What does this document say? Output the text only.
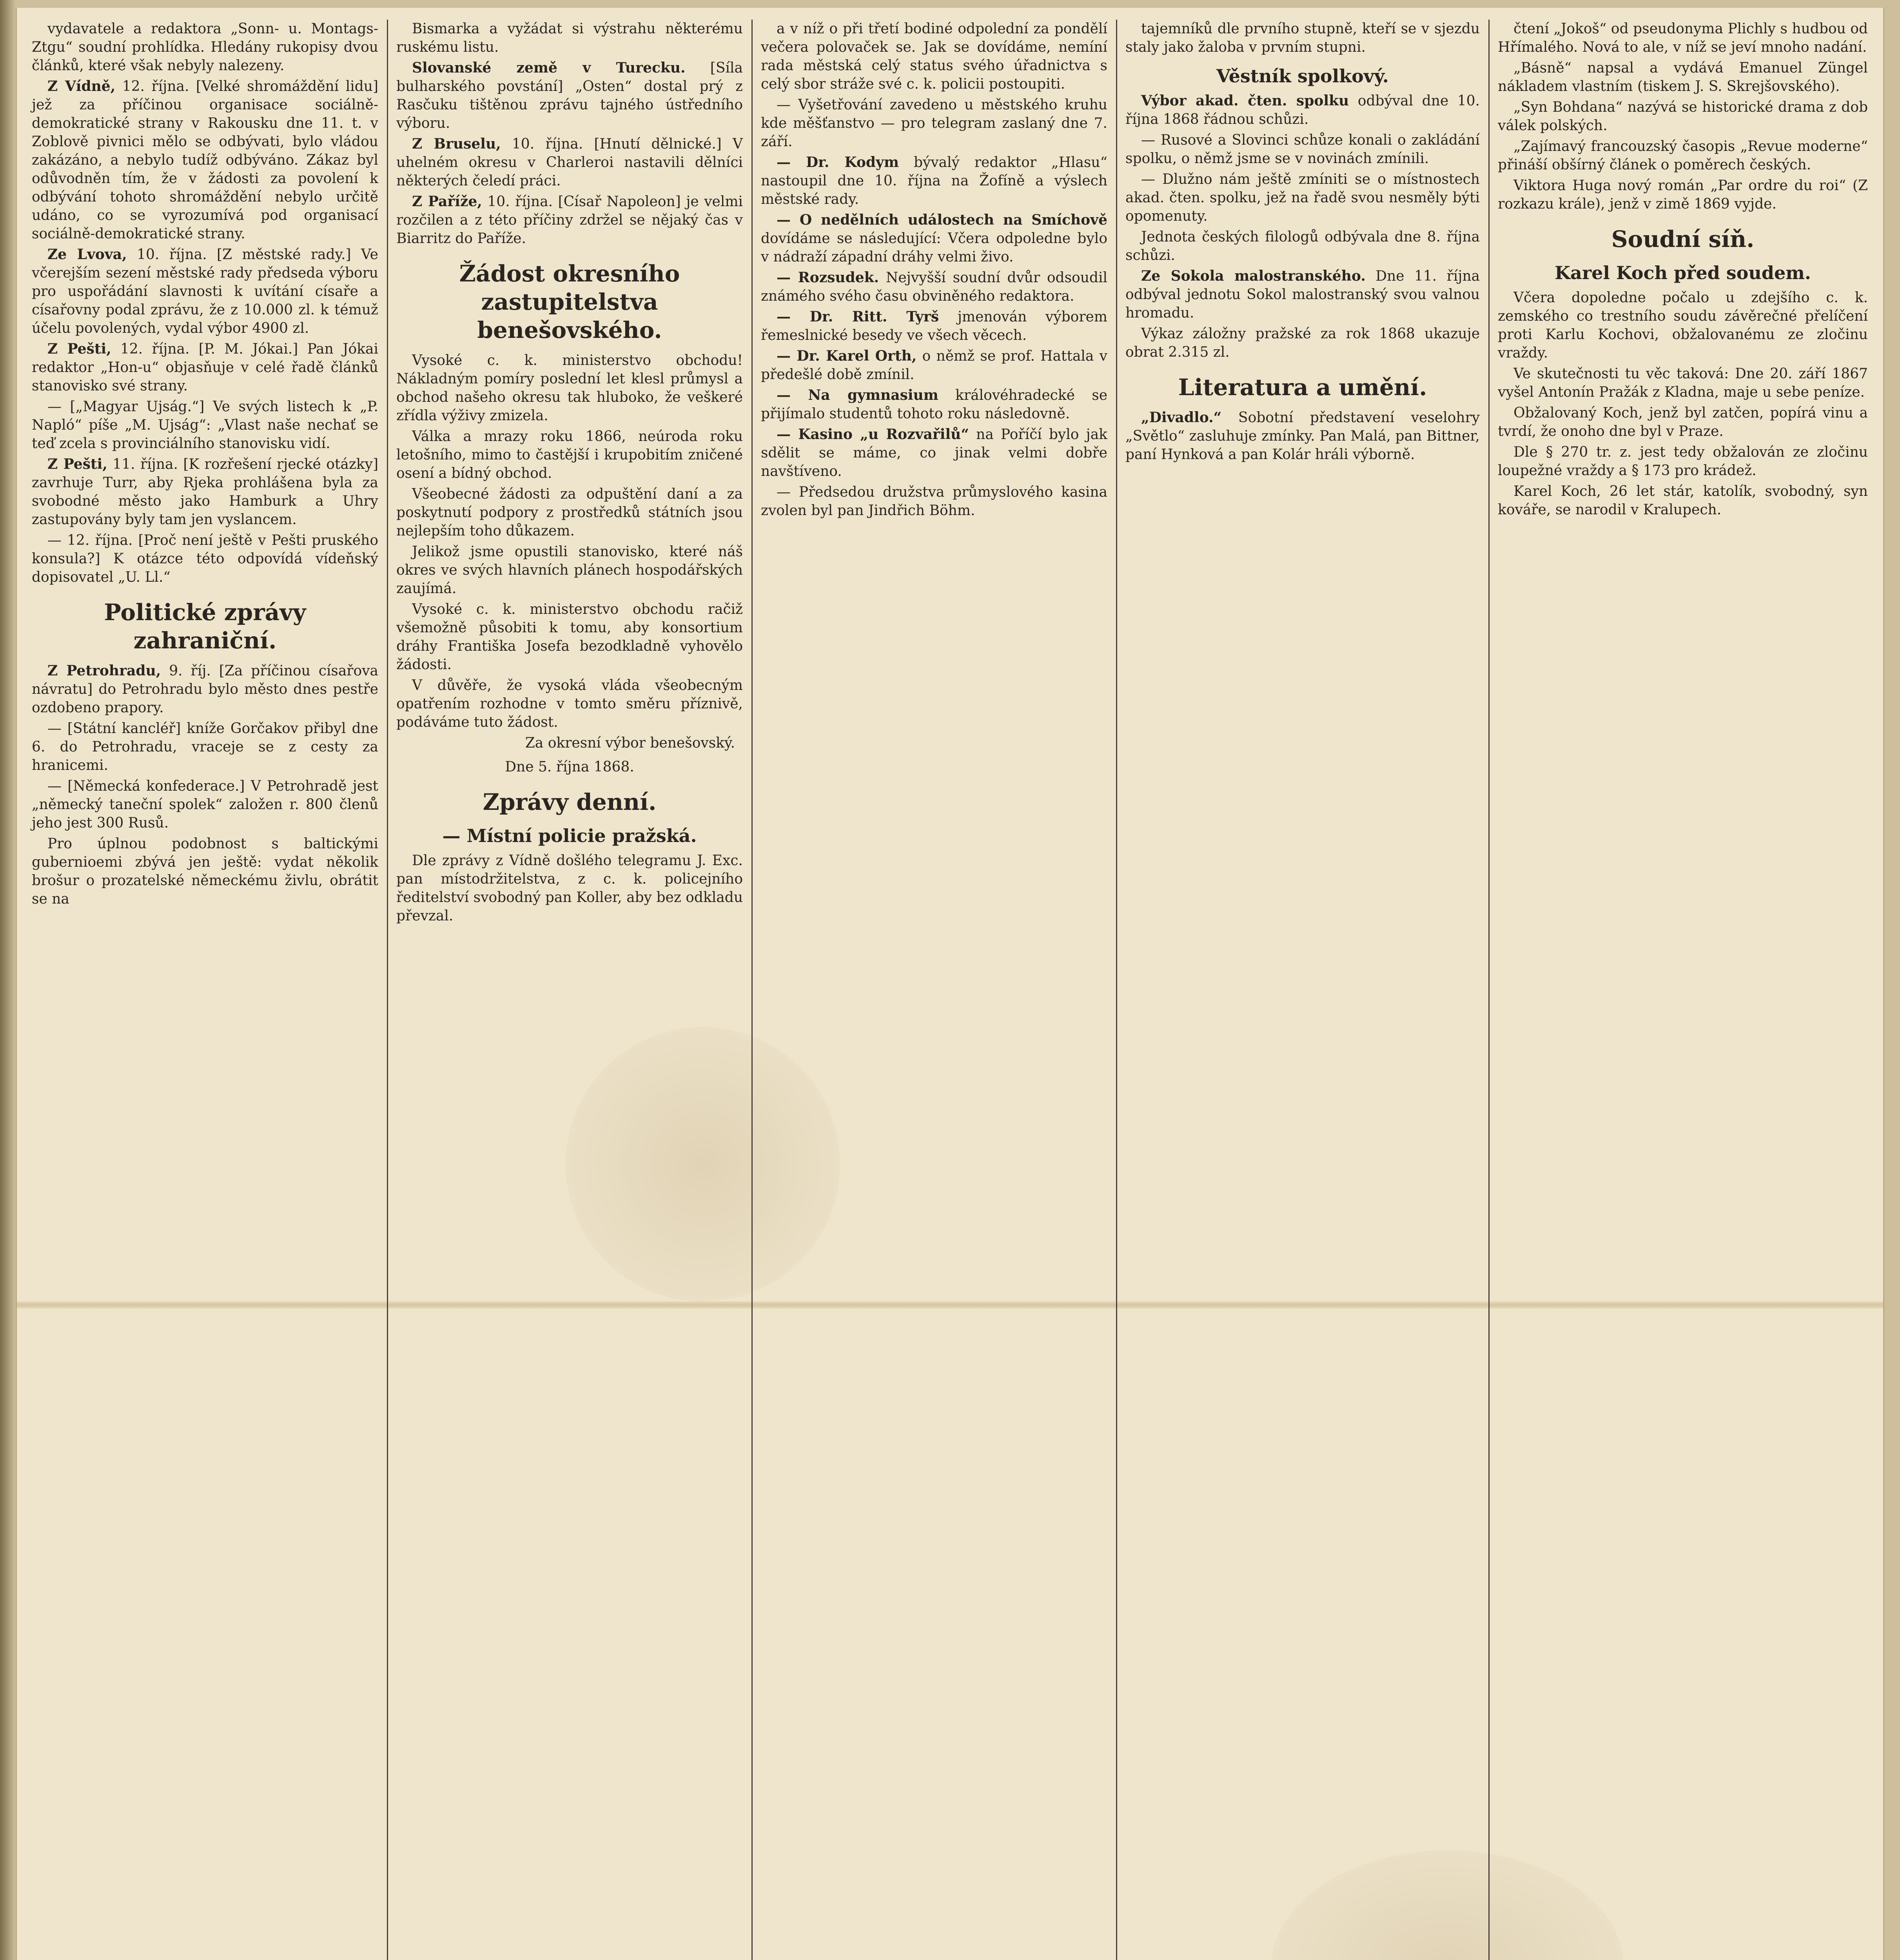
vydavatele a redaktora „Sonn- u. Montags-Ztgu“ soudní prohlídka. Hledány rukopisy dvou článků, které však nebyly nalezeny.

Z Vídně, 12. října. [Velké shromáždění lidu] jež za příčinou organisace sociálně-demokratické strany v Rakousku dne 11. t. v Zoblově pivnici mělo se odbývati, bylo vládou zakázáno, a nebylo tudíž odbýváno. Zákaz byl odůvodněn tím, že v žádosti za povolení k odbývání tohoto shromáždění nebylo určitě udáno, co se vyrozumívá pod organisací sociálně-demokratické strany.

Ze Lvova, 10. října. [Z městské rady.] Ve včerejším sezení městské rady předseda výboru pro uspořádání slavnosti k uvítání císaře a císařovny podal zprávu, že z 10.000 zl. k témuž účelu povolených, vydal výbor 4900 zl.

Z Pešti, 12. října. [P. M. Jókai.] Pan Jókai redaktor „Hon-u“ objasňuje v celé řadě článků stanovisko své strany.

— [„Magyar Ujság.“] Ve svých listech k „P. Napló“ píše „M. Ujság“: „Vlast naše nechať se teď zcela s provinciálního stanovisku vidí.

Z Pešti, 11. října. [K rozřešení rjecké otázky] zavrhuje Turr, aby Rjeka prohlášena byla za svobodné město jako Hamburk a Uhry zastupovány byly tam jen vyslancem.

— 12. října. [Proč není ještě v Pešti pruského konsula?] K otázce této odpovídá vídeňský dopisovatel „U. Ll.“

Politické zprávy zahraniční.

Z Petrohradu, 9. říj. [Za příčinou císařova návratu] do Petrohradu bylo město dnes pestře ozdobeno prapory.

— [Státní kancléř] kníže Gorčakov přibyl dne 6. do Petrohradu, vraceje se z cesty za hranicemi.

— [Německá konfederace.] V Petrohradě jest „německý taneční spolek“ založen r. 800 členů jeho jest 300 Rusů.

Pro úplnou podobnost s baltickými gubernioemi zbývá jen ještě: vydat několik brošur o prozatelské německému živlu, obrátit se na

Bismarka a vyžádat si výstrahu některému ruskému listu.

Slovanské země v Turecku. [Síla bulharského povstání] „Osten“ dostal prý z Rasčuku tištěnou zprávu tajného ústředního výboru.

Z Bruselu, 10. října. [Hnutí dělnické.] V uhelném okresu v Charleroi nastavili dělníci některých čeledí práci.

Z Paříže, 10. října. [Císař Napoleon] je velmi rozčilen a z této příčiny zdržel se nějaký čas v Biarritz do Paříže.

Žádost okresního zastupitelstva benešovského.

Vysoké c. k. ministerstvo obchodu! Nákladným pomíry poslední let klesl průmysl a obchod našeho okresu tak hluboko, že veškeré zřídla výživy zmizela.

Válka a mrazy roku 1866, neúroda roku letošního, mimo to častější i krupobitím zničené osení a bídný obchod.

Všeobecné žádosti za odpuštění daní a za poskytnutí podpory z prostředků státních jsou nejlepším toho důkazem.

Jelikož jsme opustili stanovisko, které náš okres ve svých hlavních plánech hospodářských zaujímá.

Vysoké c. k. ministerstvo obchodu račiž všemožně působiti k tomu, aby konsortium dráhy Františka Josefa bezodkladně vyhovělo žádosti.

V důvěře, že vysoká vláda všeobecným opatřením rozhodne v tomto směru příznivě, podáváme tuto žádost.

Za okresní výbor benešovský.

Dne 5. října 1868.

Zprávy denní.
— Místní policie pražská.

Dle zprávy z Vídně došlého telegramu J. Exc. pan místodržitelstva, z c. k. policejního ředitelství svobodný pan Koller, aby bez odkladu převzal.

a v níž o při třetí bodiné odpolední za pondělí večera polovaček se. Jak se dovídáme, nemíní rada městská celý status svého úřadnictva s celý sbor stráže své c. k. policii postoupiti.

— Vyšetřování zavedeno u městského kruhu kde měšťanstvo — pro telegram zaslaný dne 7. září.

— Dr. Kodym bývalý redaktor „Hlasu“ nastoupil dne 10. října na Žofíně a výslech městské rady.

— O nedělních událostech na Smíchově dovídáme se následující: Včera odpoledne bylo v nádraží západní dráhy velmi živo.

— Rozsudek. Nejvyšší soudní dvůr odsoudil známého svého času obviněného redaktora.

— Dr. Ritt. Tyrš jmenován výborem řemeslnické besedy ve všech věcech.

— Dr. Karel Orth, o němž se prof. Hattala v předešlé době zmínil.

— Na gymnasium královéhradecké se přijímalo studentů tohoto roku následovně.

— Kasino „u Rozvařilů“ na Poříčí bylo jak sdělit se máme, co jinak velmi dobře navštíveno.

— Předsedou družstva průmyslového kasina zvolen byl pan Jindřich Böhm.

tajemníků dle prvního stupně, kteří se v sjezdu staly jako žaloba v prvním stupni.

Věstník spolkový.

Výbor akad. čten. spolku odbýval dne 10. října 1868 řádnou schůzi.

— Rusové a Slovinci schůze konali o zakládání spolku, o němž jsme se v novinách zmínili.

— Dlužno nám ještě zmíniti se o místnostech akad. čten. spolku, jež na řadě svou nesměly býti opomenuty.

Jednota českých filologů odbývala dne 8. října schůzi.

Ze Sokola malostranského. Dne 11. října odbýval jednotu Sokol malostranský svou valnou hromadu.

Výkaz záložny pražské za rok 1868 ukazuje obrat 2.315 zl.

Literatura a umění.

„Divadlo.“ Sobotní představení veselohry „Světlo“ zasluhuje zmínky. Pan Malá, pan Bittner, paní Hynková a pan Kolár hráli výborně.

čtení „Jokoš“ od pseudonyma Plichly s hudbou od Hřímalého. Nová to ale, v níž se jeví mnoho nadání.

„Básně“ napsal a vydává Emanuel Züngel nákladem vlastním (tiskem J. S. Skrejšovského).

„Syn Bohdana“ nazývá se historické drama z dob válek polských.

„Zajímavý francouzský časopis „Revue moderne“ přináší obšírný článek o poměrech českých.

Viktora Huga nový román „Par ordre du roi“ (Z rozkazu krále), jenž v zimě 1869 vyjde.

Soudní síň.
Karel Koch před soudem.

Včera dopoledne počalo u zdejšího c. k. zemského co trestního soudu závěrečné přelíčení proti Karlu Kochovi, obžalovanému ze zločinu vraždy.

Ve skutečnosti tu věc taková: Dne 20. září 1867 vyšel Antonín Pražák z Kladna, maje u sebe peníze.

Obžalovaný Koch, jenž byl zatčen, popírá vinu a tvrdí, že onoho dne byl v Praze.

Dle § 270 tr. z. jest tedy obžalován ze zločinu loupežné vraždy a § 173 pro krádež.

Karel Koch, 26 let stár, katolík, svobodný, syn kováře, se narodil v Kralupech.
